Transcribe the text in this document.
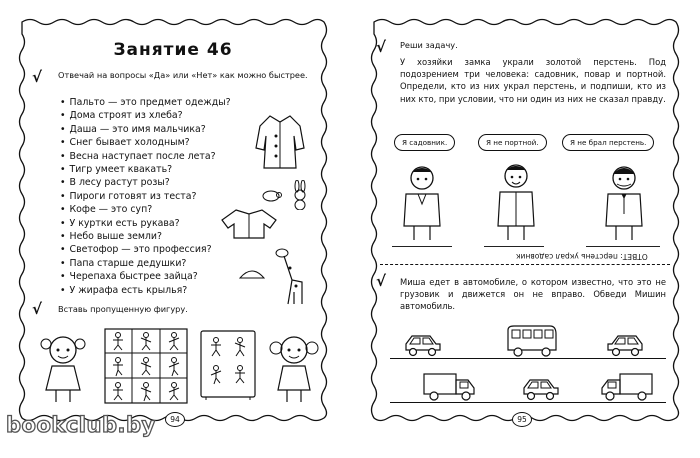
Занятие 46
√ Отвечай на вопросы «Да» или «Нет» как можно быстрее.
• Пальто — это предмет одежды?
• Дома строят из хлеба?
• Даша — это имя мальчика?
• Снег бывает холодным?
• Весна наступает после лета?
• Тигр умеет квакать?
• В лесу растут розы?
• Пироги готовят из теста?
• Кофе — это суп?
• У куртки есть рукава?
• Небо выше земли?
• Светофор — это профессия?
• Папа старше дедушки?
• Черепаха быстрее зайца?
• У жирафа есть крылья?
√ Вставь пропущенную фигуру.
94
√ Реши задачу.
У хозяйки замка украли золотой перстень. Под подозрением три человека: садовник, повар и портной. Определи, кто из них украл перстень, и подпиши, кто из них кто, при условии, что ни один из них не сказал правду.
Я садовник.	Я не портной.	Я не брал перстень.
ОТВЕТ: перстень украл садовник
√ Миша едет в автомобиле, о котором известно, что это не грузовик и движется он не вправо. Обведи Мишин автомобиль.
95
bookclub.by
